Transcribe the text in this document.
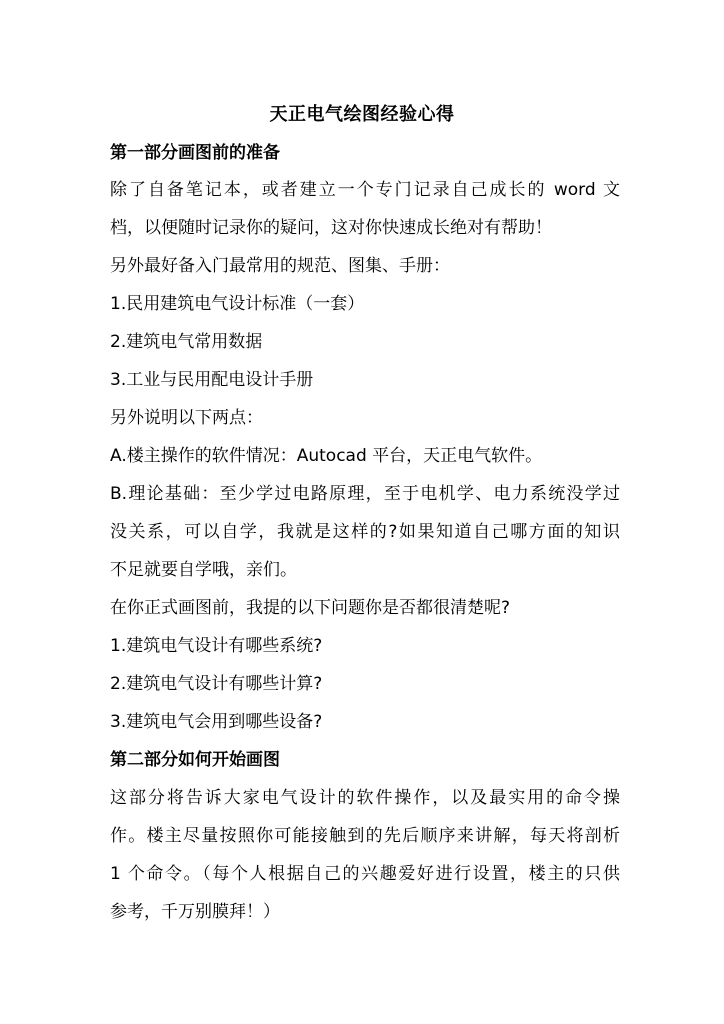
天正电气绘图经验心得
第一部分画图前的准备
除了自备笔记本，或者建立一个专门记录自己成长的 word 文
档，以便随时记录你的疑问，这对你快速成长绝对有帮助！
另外最好备入门最常用的规范、图集、手册：
1.民用建筑电气设计标准（一套）
2.建筑电气常用数据
3.工业与民用配电设计手册
另外说明以下两点：
A.楼主操作的软件情况：Autocad 平台，天正电气软件。
B.理论基础：至少学过电路原理，至于电机学、电力系统没学过
没关系，可以自学，我就是这样的?如果知道自己哪方面的知识
不足就要自学哦，亲们。
在你正式画图前，我提的以下问题你是否都很清楚呢?
1.建筑电气设计有哪些系统?
2.建筑电气设计有哪些计算?
3.建筑电气会用到哪些设备?
第二部分如何开始画图
这部分将告诉大家电气设计的软件操作，以及最实用的命令操
作。楼主尽量按照你可能接触到的先后顺序来讲解，每天将剖析
1 个命令。（每个人根据自己的兴趣爱好进行设置，楼主的只供
参考，千万别膜拜！）
